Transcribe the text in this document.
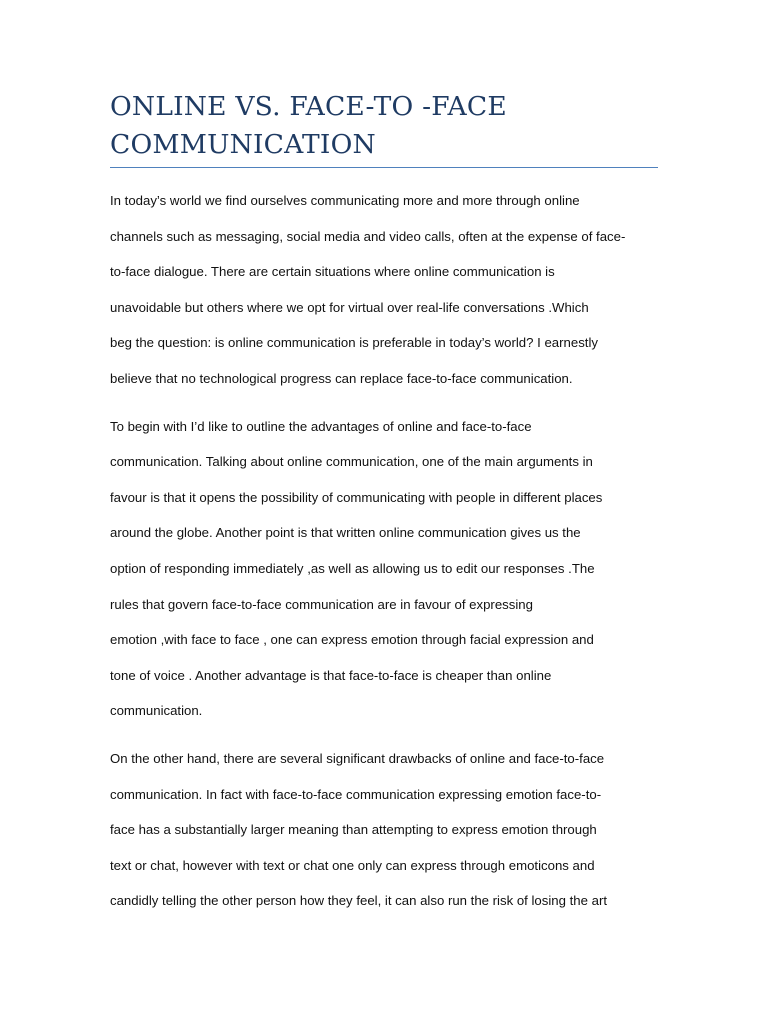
ONLINE VS. FACE-TO -FACE
COMMUNICATION
In today’s world we find ourselves communicating more and more through online
channels such as messaging, social media and video calls, often at the expense of face-
to-face dialogue. There are certain situations where online communication is
unavoidable but others where we opt for virtual over real-life conversations .Which
beg the question: is online communication is preferable in today’s world? I earnestly
believe that no technological progress can replace face-to-face communication.
To begin with I’d like to outline the advantages of online and face-to-face
communication. Talking about online communication, one of the main arguments in
favour is that it opens the possibility of communicating with people in different places
around the globe. Another point is that written online communication gives us the
option of responding immediately ,as well as allowing us to edit our responses .The
rules that govern face-to-face communication are in favour of expressing
emotion ,with face to face , one can express emotion through facial expression and
tone of voice . Another advantage is that face-to-face is cheaper than online
communication.
On the other hand, there are several significant drawbacks of online and face-to-face
communication. In fact with face-to-face communication expressing emotion face-to-
face has a substantially larger meaning than attempting to express emotion through
text or chat, however with text or chat one only can express through emoticons and
candidly telling the other person how they feel, it can also run the risk of losing the art
